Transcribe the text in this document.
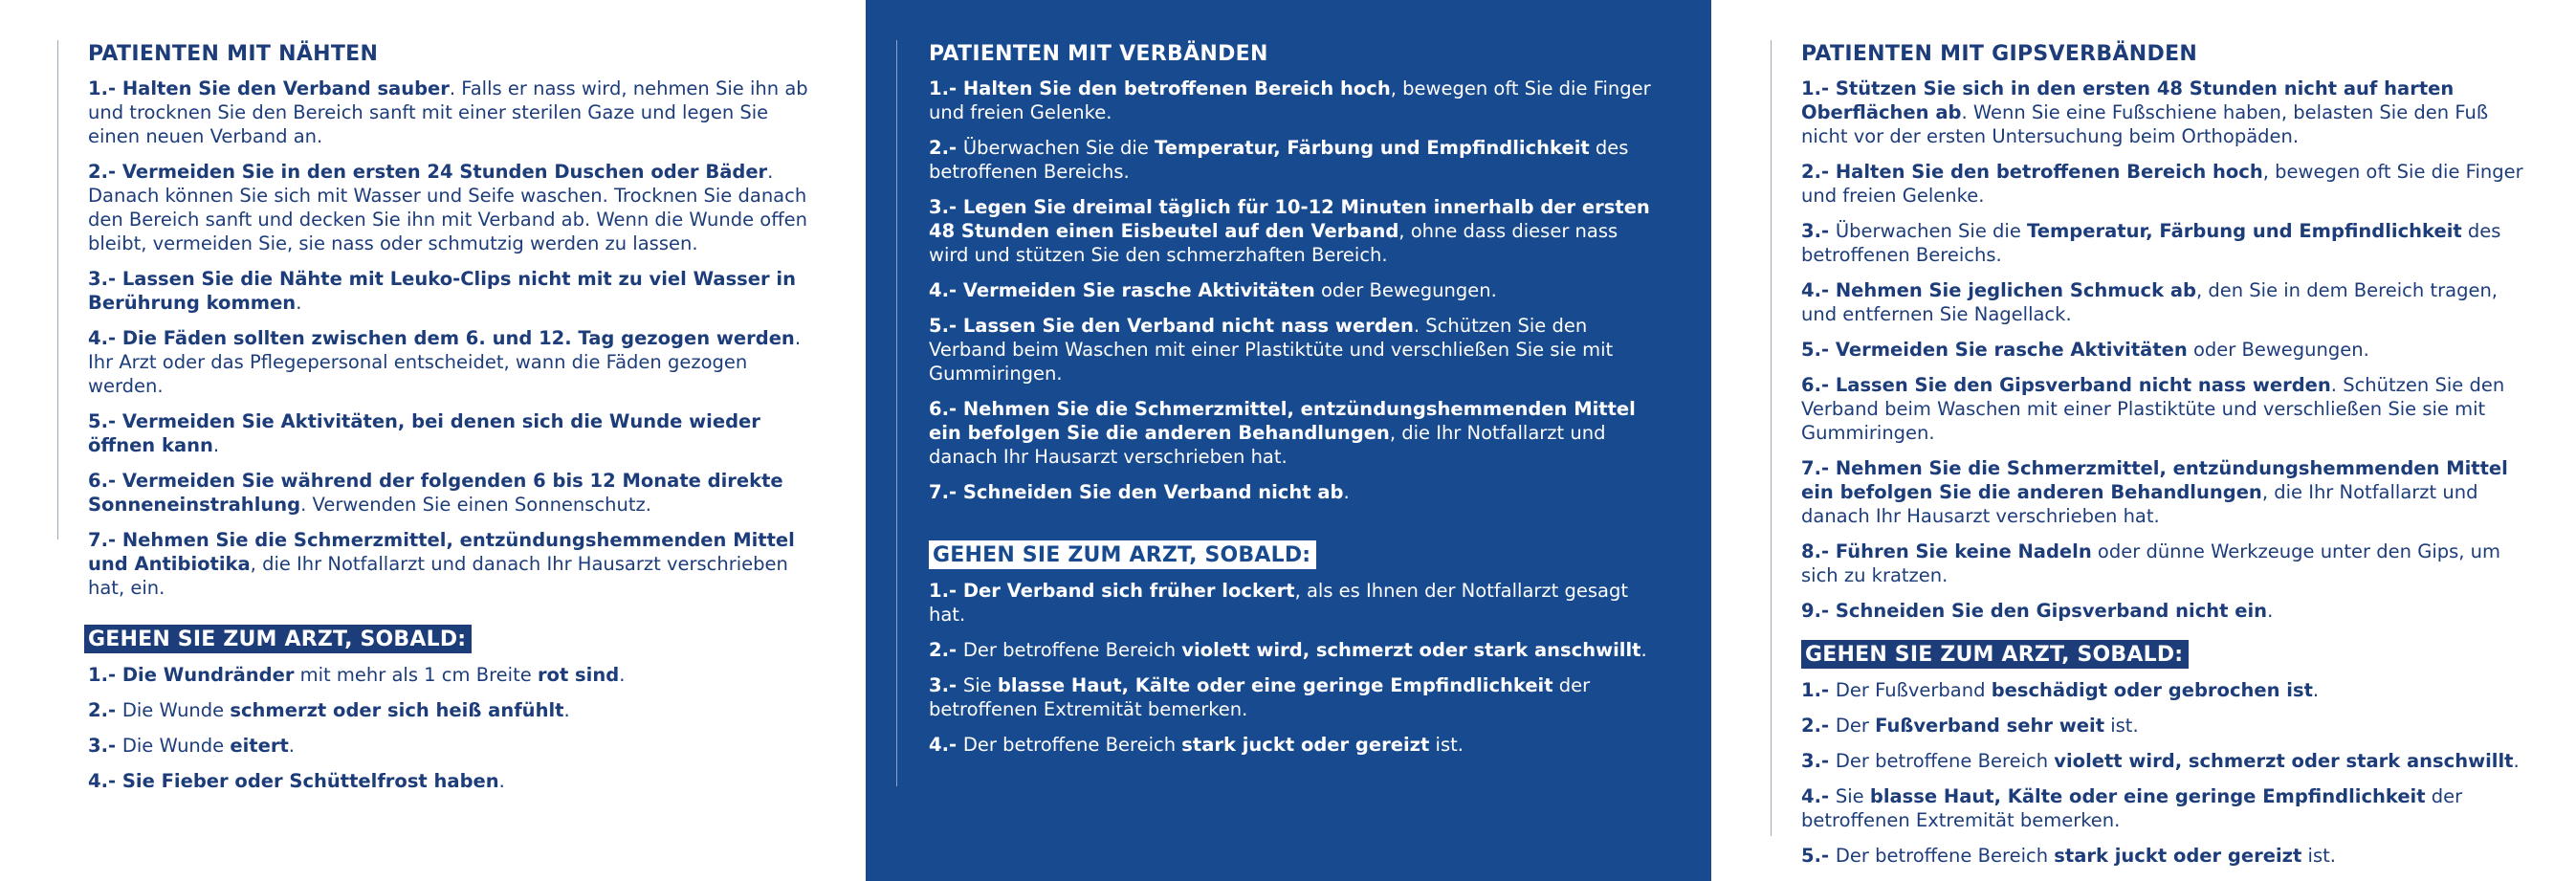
PATIENTEN MIT NÄHTEN

1.- Halten Sie den Verband sauber. Falls er nass wird, nehmen Sie ihn ab und trocknen Sie den Bereich sanft mit einer sterilen Gaze und legen Sie einen neuen Verband an.

2.- Vermeiden Sie in den ersten 24 Stunden Duschen oder Bäder. Danach können Sie sich mit Wasser und Seife waschen. Trocknen Sie danach den Bereich sanft und decken Sie ihn mit Verband ab. Wenn die Wunde offen bleibt, vermeiden Sie, sie nass oder schmutzig werden zu lassen.

3.- Lassen Sie die Nähte mit Leuko-Clips nicht mit zu viel Wasser in Berührung kommen.

4.- Die Fäden sollten zwischen dem 6. und 12. Tag gezogen werden. Ihr Arzt oder das Pflegepersonal entscheidet, wann die Fäden gezogen werden.

5.- Vermeiden Sie Aktivitäten, bei denen sich die Wunde wieder öffnen kann.

6.- Vermeiden Sie während der folgenden 6 bis 12 Monate direkte Sonneneinstrahlung. Verwenden Sie einen Sonnenschutz.

7.- Nehmen Sie die Schmerzmittel, entzündungshemmenden Mittel und Antibiotika, die Ihr Notfallarzt und danach Ihr Hausarzt verschrieben hat, ein.

GEHEN SIE ZUM ARZT, SOBALD:

1.- Die Wundränder mit mehr als 1 cm Breite rot sind.

2.- Die Wunde schmerzt oder sich heiß anfühlt.

3.- Die Wunde eitert.

4.- Sie Fieber oder Schüttelfrost haben.

PATIENTEN MIT VERBÄNDEN

1.- Halten Sie den betroffenen Bereich hoch, bewegen oft Sie die Finger und freien Gelenke.

2.- Überwachen Sie die Temperatur, Färbung und Empfindlichkeit des betroffenen Bereichs.

3.- Legen Sie dreimal täglich für 10-12 Minuten innerhalb der ersten 48 Stunden einen Eisbeutel auf den Verband, ohne dass dieser nass wird und stützen Sie den schmerzhaften Bereich.

4.- Vermeiden Sie rasche Aktivitäten oder Bewegungen.

5.- Lassen Sie den Verband nicht nass werden. Schützen Sie den Verband beim Waschen mit einer Plastiktüte und verschließen Sie sie mit Gummiringen.

6.- Nehmen Sie die Schmerzmittel, entzündungshemmenden Mittel ein befolgen Sie die anderen Behandlungen, die Ihr Notfallarzt und danach Ihr Hausarzt verschrieben hat.

7.- Schneiden Sie den Verband nicht ab.

GEHEN SIE ZUM ARZT, SOBALD:

1.- Der Verband sich früher lockert, als es Ihnen der Notfallarzt gesagt hat.

2.- Der betroffene Bereich violett wird, schmerzt oder stark anschwillt.

3.- Sie blasse Haut, Kälte oder eine geringe Empfindlichkeit der betroffenen Extremität bemerken.

4.- Der betroffene Bereich stark juckt oder gereizt ist.

PATIENTEN MIT GIPSVERBÄNDEN

1.- Stützen Sie sich in den ersten 48 Stunden nicht auf harten Oberflächen ab. Wenn Sie eine Fußschiene haben, belasten Sie den Fuß nicht vor der ersten Untersuchung beim Orthopäden.

2.- Halten Sie den betroffenen Bereich hoch, bewegen oft Sie die Finger und freien Gelenke.

3.- Überwachen Sie die Temperatur, Färbung und Empfindlichkeit des betroffenen Bereichs.

4.- Nehmen Sie jeglichen Schmuck ab, den Sie in dem Bereich tragen, und entfernen Sie Nagellack.

5.- Vermeiden Sie rasche Aktivitäten oder Bewegungen.

6.- Lassen Sie den Gipsverband nicht nass werden. Schützen Sie den Verband beim Waschen mit einer Plastiktüte und verschließen Sie sie mit Gummiringen.

7.- Nehmen Sie die Schmerzmittel, entzündungshemmenden Mittel ein befolgen Sie die anderen Behandlungen, die Ihr Notfallarzt und danach Ihr Hausarzt verschrieben hat.

8.- Führen Sie keine Nadeln oder dünne Werkzeuge unter den Gips, um sich zu kratzen.

9.- Schneiden Sie den Gipsverband nicht ein.

GEHEN SIE ZUM ARZT, SOBALD:

1.- Der Fußverband beschädigt oder gebrochen ist.

2.- Der Fußverband sehr weit ist.

3.- Der betroffene Bereich violett wird, schmerzt oder stark anschwillt.

4.- Sie blasse Haut, Kälte oder eine geringe Empfindlichkeit der betroffenen Extremität bemerken.

5.- Der betroffene Bereich stark juckt oder gereizt ist.
